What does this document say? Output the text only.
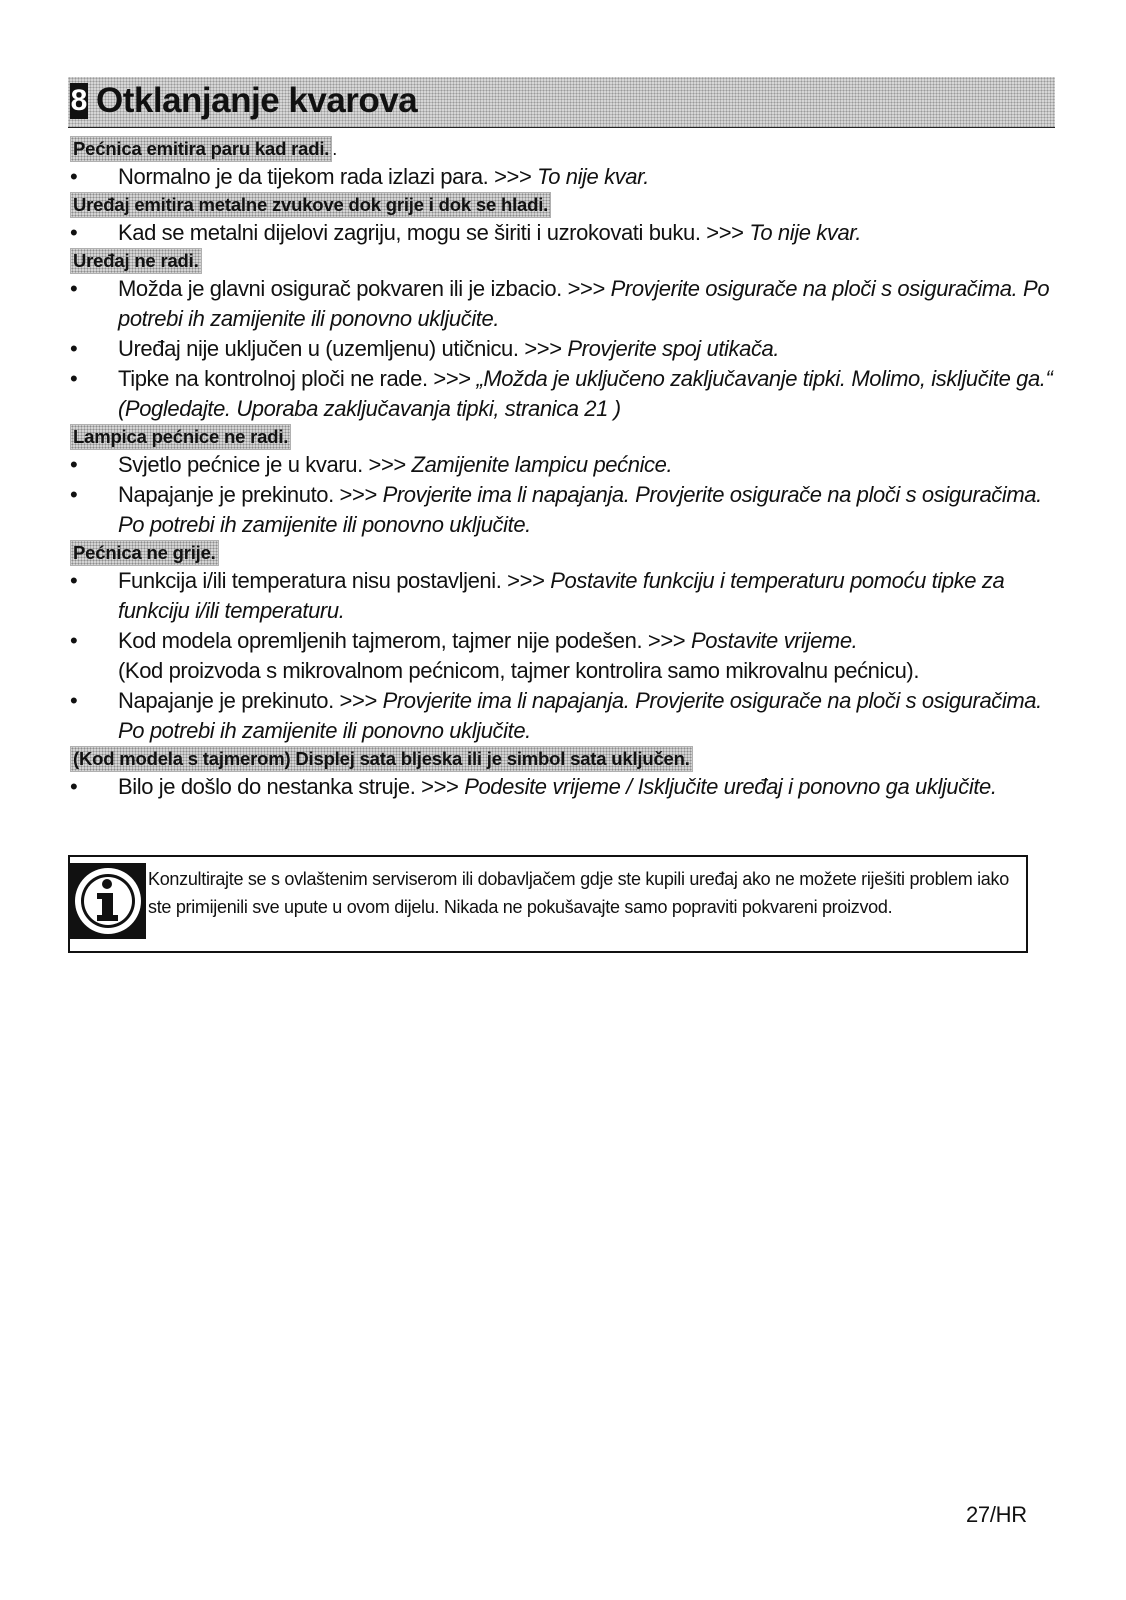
8 Otklanjanje kvarova
Pećnica emitira paru kad radi. .
• Normalno je da tijekom rada izlazi para. >>> To nije kvar.
Uređaj emitira metalne zvukove dok grije i dok se hladi.
• Kad se metalni dijelovi zagriju, mogu se širiti i uzrokovati buku. >>> To nije kvar.
Uređaj ne radi.
• Možda je glavni osigurač pokvaren ili je izbacio. >>> Provjerite osigurače na ploči s osiguračima. Po potrebi ih zamijenite ili ponovno uključite.
• Uređaj nije uključen u (uzemljenu) utičnicu. >>> Provjerite spoj utikača.
• Tipke na kontrolnoj ploči ne rade. >>> „Možda je uključeno zaključavanje tipki. Molimo, isključite ga.“ (Pogledajte. Uporaba zaključavanja tipki, stranica 21 )
Lampica pećnice ne radi.
• Svjetlo pećnice je u kvaru. >>> Zamijenite lampicu pećnice.
• Napajanje je prekinuto. >>> Provjerite ima li napajanja. Provjerite osigurače na ploči s osiguračima. Po potrebi ih zamijenite ili ponovno uključite.
Pećnica ne grije.
• Funkcija i/ili temperatura nisu postavljeni. >>> Postavite funkciju i temperaturu pomoću tipke za funkciju i/ili temperaturu.
• Kod modela opremljenih tajmerom, tajmer nije podešen. >>> Postavite vrijeme.
(Kod proizvoda s mikrovalnom pećnicom, tajmer kontrolira samo mikrovalnu pećnicu).
• Napajanje je prekinuto. >>> Provjerite ima li napajanja. Provjerite osigurače na ploči s osiguračima. Po potrebi ih zamijenite ili ponovno uključite.
(Kod modela s tajmerom) Displej sata bljeska ili je simbol sata uključen.
• Bilo je došlo do nestanka struje. >>> Podesite vrijeme / Isključite uređaj i ponovno ga uključite.
Konzultirajte se s ovlaštenim serviserom ili dobavljačem gdje ste kupili uređaj ako ne možete riješiti problem iako ste primijenili sve upute u ovom dijelu. Nikada ne pokušavajte samo popraviti pokvareni proizvod.
27/HR
